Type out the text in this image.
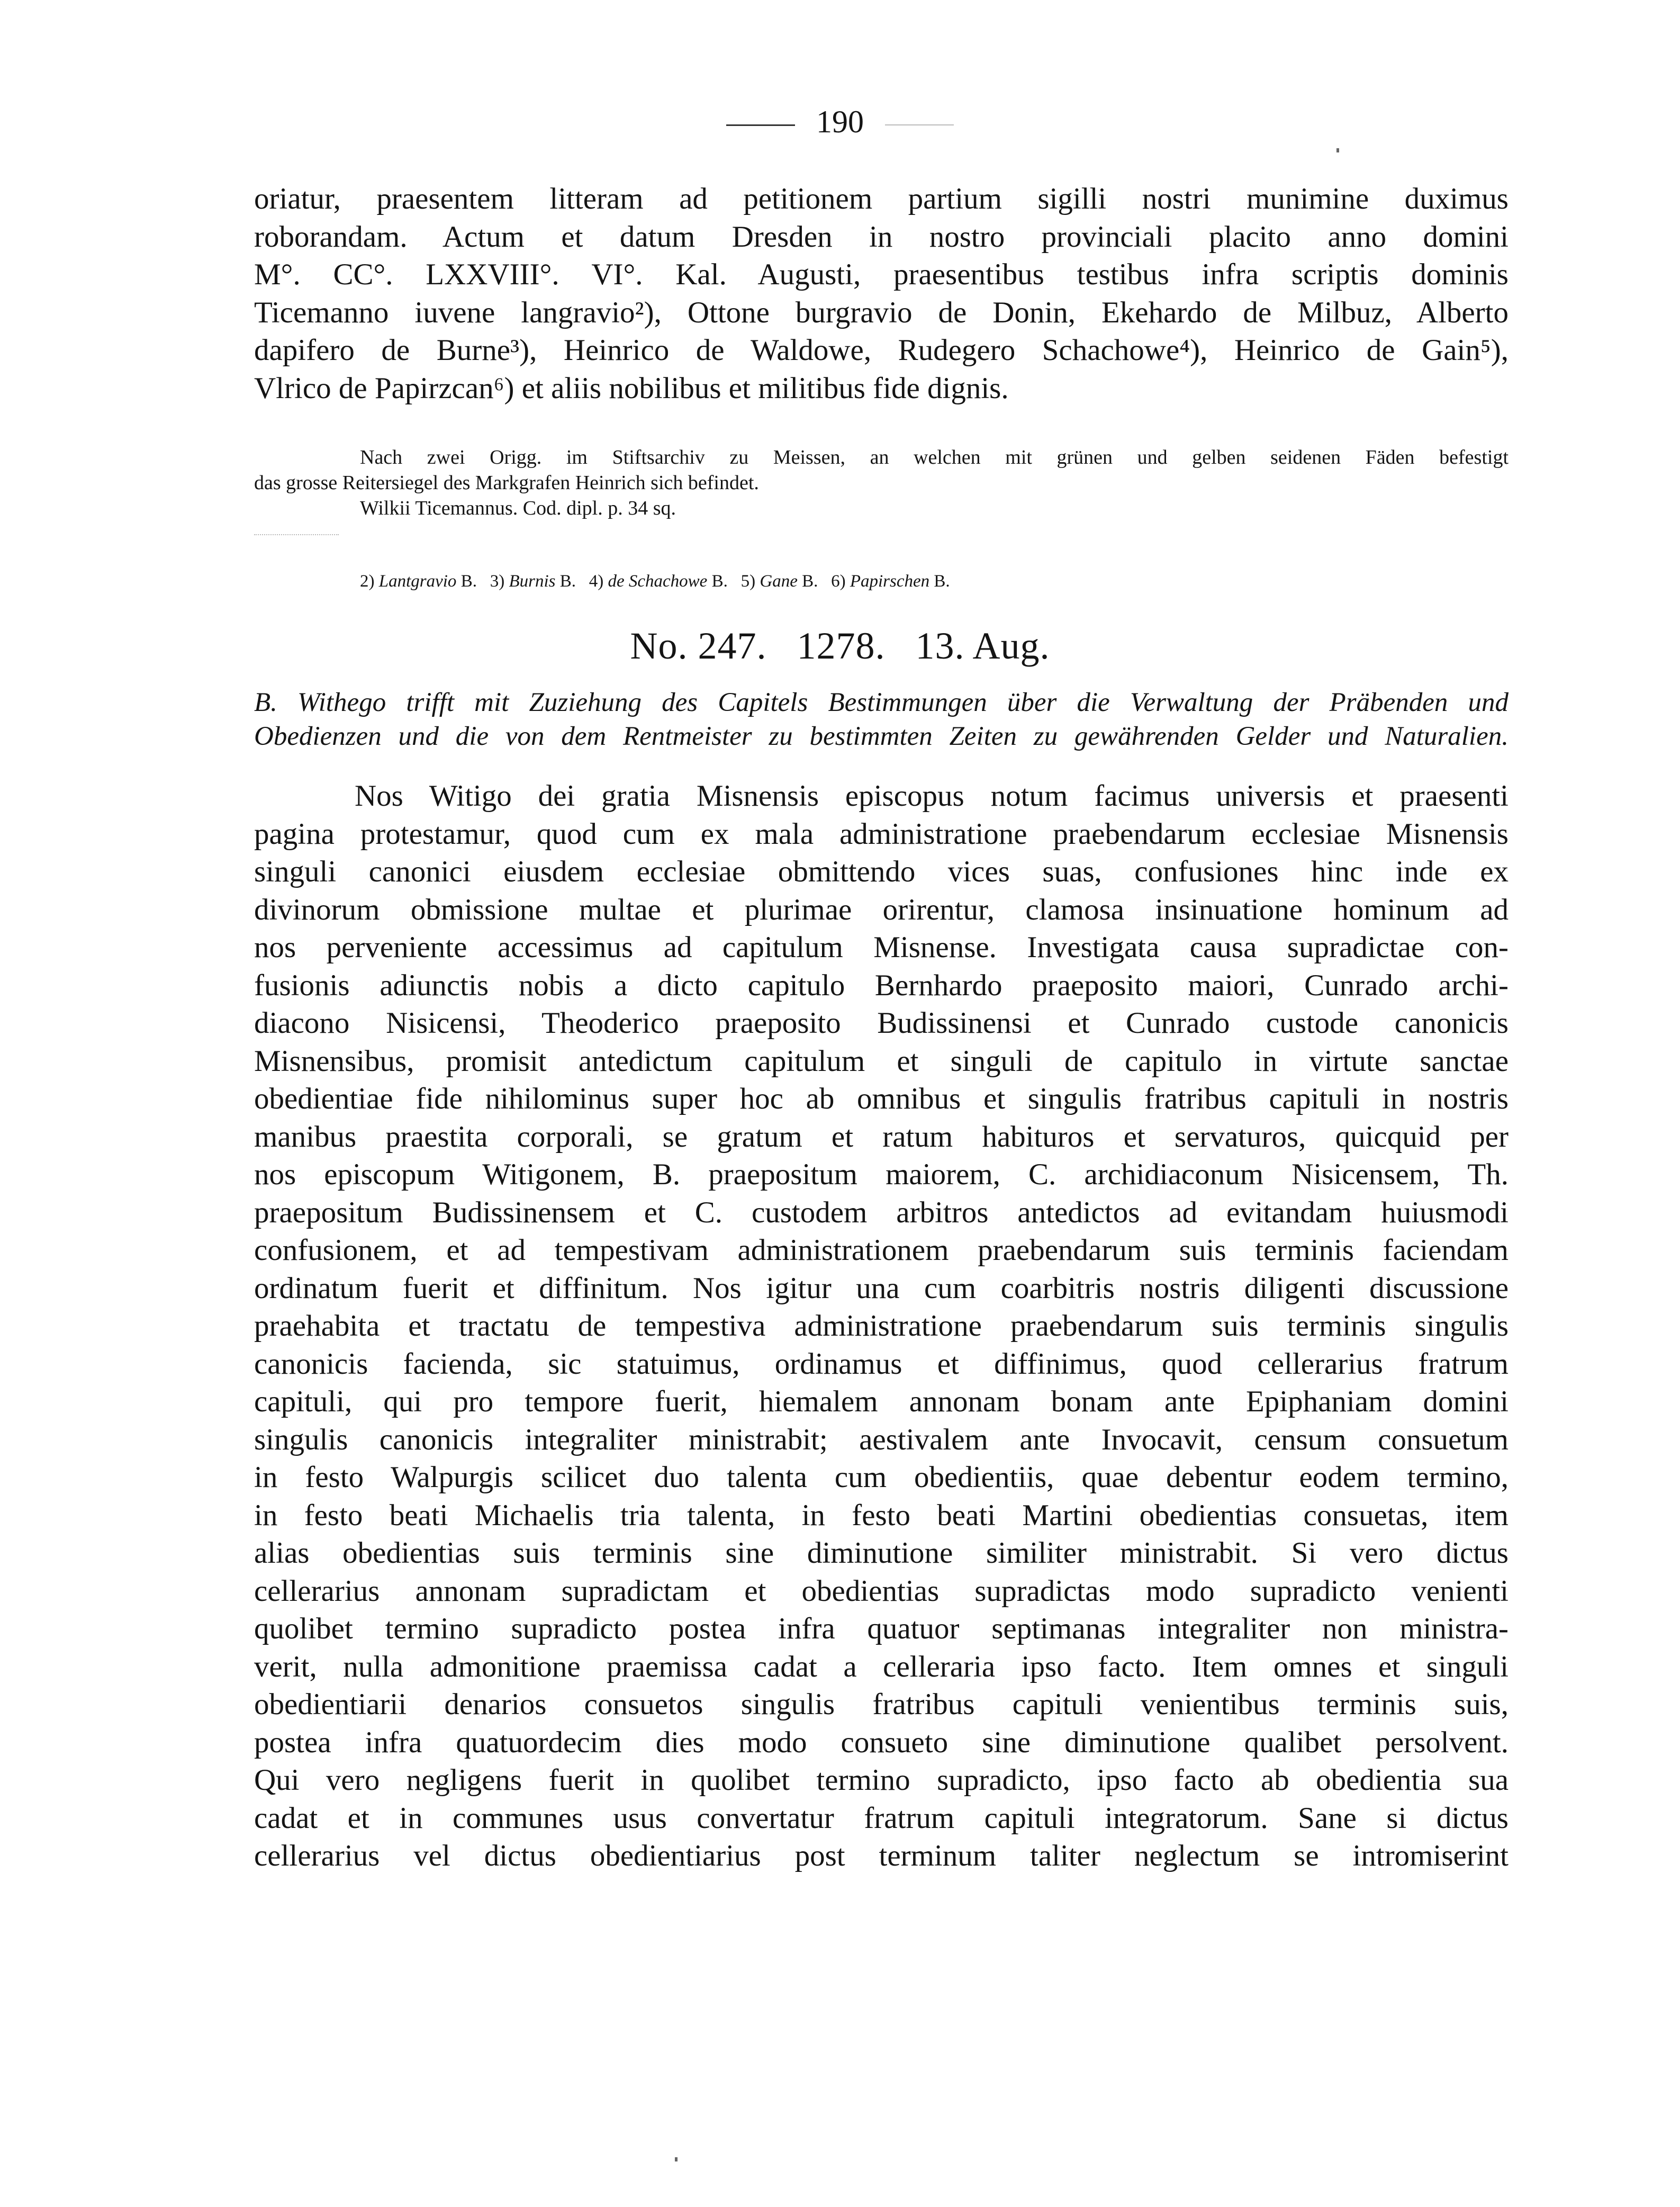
190
oriatur, praesentem litteram ad petitionem partium sigilli nostri munimine duximus
roborandam. Actum et datum Dresden in nostro provinciali placito anno domini
M°. CC°. LXXVIII°. VI°. Kal. Augusti, praesentibus testibus infra scriptis dominis
Ticemanno iuvene langravio²), Ottone burgravio de Donin, Ekehardo de Milbuz, Alberto
dapifero de Burne³), Heinrico de Waldowe, Rudegero Schachowe⁴), Heinrico de Gain⁵),
Vlrico de Papirzcan⁶) et aliis nobilibus et militibus fide dignis.
Nach zwei Origg. im Stiftsarchiv zu Meissen, an welchen mit grünen und gelben seidenen Fäden befestigt
das grosse Reitersiegel des Markgrafen Heinrich sich befindet.
Wilkii Ticemannus. Cod. dipl. p. 34 sq.
2) Lantgravio B. 3) Burnis B. 4) de Schachowe B. 5) Gane B. 6) Papirschen B.
No. 247.   1278.   13. Aug.
B. Withego trifft mit Zuziehung des Capitels Bestimmungen über die Verwaltung der Präbenden und
Obedienzen und die von dem Rentmeister zu bestimmten Zeiten zu gewährenden Gelder und Naturalien.
Nos Witigo dei gratia Misnensis episcopus notum facimus universis et praesenti
pagina protestamur, quod cum ex mala administratione praebendarum ecclesiae Misnensis
singuli canonici eiusdem ecclesiae obmittendo vices suas, confusiones hinc inde ex
divinorum obmissione multae et plurimae orirentur, clamosa insinuatione hominum ad
nos perveniente accessimus ad capitulum Misnense. Investigata causa supradictae con-
fusionis adiunctis nobis a dicto capitulo Bernhardo praeposito maiori, Cunrado archi-
diacono Nisicensi, Theoderico praeposito Budissinensi et Cunrado custode canonicis
Misnensibus, promisit antedictum capitulum et singuli de capitulo in virtute sanctae
obedientiae fide nihilominus super hoc ab omnibus et singulis fratribus capituli in nostris
manibus praestita corporali, se gratum et ratum habituros et servaturos, quicquid per
nos episcopum Witigonem, B. praepositum maiorem, C. archidiaconum Nisicensem, Th.
praepositum Budissinensem et C. custodem arbitros antedictos ad evitandam huiusmodi
confusionem, et ad tempestivam administrationem praebendarum suis terminis faciendam
ordinatum fuerit et diffinitum. Nos igitur una cum coarbitris nostris diligenti discussione
praehabita et tractatu de tempestiva administratione praebendarum suis terminis singulis
canonicis facienda, sic statuimus, ordinamus et diffinimus, quod cellerarius fratrum
capituli, qui pro tempore fuerit, hiemalem annonam bonam ante Epiphaniam domini
singulis canonicis integraliter ministrabit; aestivalem ante Invocavit, censum consuetum
in festo Walpurgis scilicet duo talenta cum obedientiis, quae debentur eodem termino,
in festo beati Michaelis tria talenta, in festo beati Martini obedientias consuetas, item
alias obedientias suis terminis sine diminutione similiter ministrabit. Si vero dictus
cellerarius annonam supradictam et obedientias supradictas modo supradicto venienti
quolibet termino supradicto postea infra quatuor septimanas integraliter non ministra-
verit, nulla admonitione praemissa cadat a celleraria ipso facto. Item omnes et singuli
obedientiarii denarios consuetos singulis fratribus capituli venientibus terminis suis,
postea infra quatuordecim dies modo consueto sine diminutione qualibet persolvent.
Qui vero negligens fuerit in quolibet termino supradicto, ipso facto ab obedientia sua
cadat et in communes usus convertatur fratrum capituli integratorum. Sane si dictus
cellerarius vel dictus obedientiarius post terminum taliter neglectum se intromiserint
